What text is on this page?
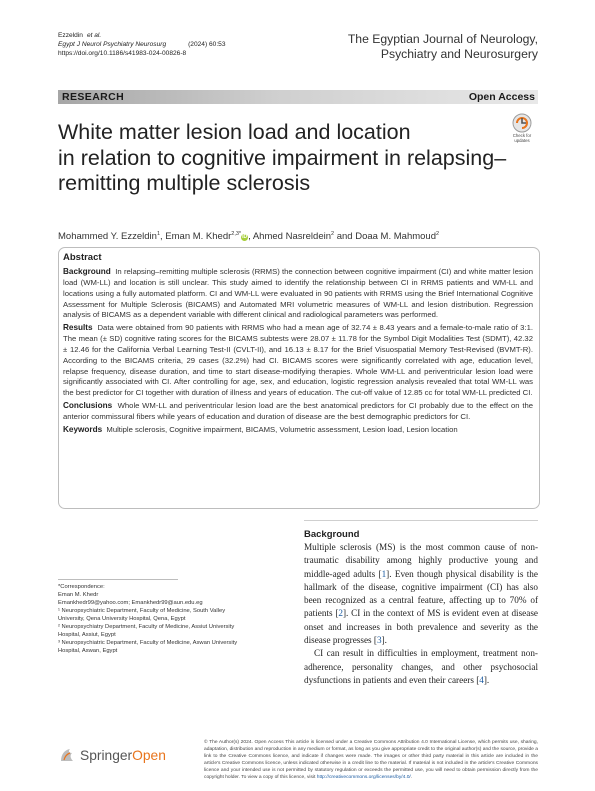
Ezzeldin et al.
Egypt J Neurol Psychiatry Neurosurg	(2024) 60:53
https://doi.org/10.1186/s41983-024-00826-8
The Egyptian Journal of Neurology,
Psychiatry and Neurosurgery
RESEARCH	Open Access
White matter lesion load and location
in relation to cognitive impairment in relapsing–
remitting multiple sclerosis
Check for updates
Mohammed Y. Ezzeldin$^1$, Eman M. Khedr$^{2,3*}$iD, Ahmed Nasreldein$^2$ and Doaa M. Mahmoud$^2$
Abstract
Background In relapsing–remitting multiple sclerosis (RRMS) the connection between cognitive impairment (CI) and white matter lesion load (WM-LL) and location is still unclear. This study aimed to identify the relationship between CI in RRMS patients and WM-LL and locations using a fully automated platform. CI and WM-LL were evaluated in 90 patients with RRMS using the Brief International Cognitive Assessment for Multiple Sclerosis (BICAMS) and Automated MRI volumetric measures of WM-LL and lesion distribution. Regression analysis of BICAMS as a dependent variable with different clinical and radiological parameters was performed.
Results Data were obtained from 90 patients with RRMS who had a mean age of 32.74 ± 8.43 years and a female-to-male ratio of 3:1. The mean (± SD) cognitive rating scores for the BICAMS subtests were 28.07 ± 11.78 for the Symbol Digit Modalities Test (SDMT), 42.32 ± 12.46 for the California Verbal Learning Test-II (CVLT-II), and 16.13 ± 8.17 for the Brief Visuospatial Memory Test-Revised (BVMT-R). According to the BICAMS criteria, 29 cases (32.2%) had CI. BICAMS scores were significantly correlated with age, education level, relapse frequency, disease duration, and time to start disease-modifying therapies. Whole WM-LL and periventricular lesion load were significantly associated with CI. After controlling for age, sex, and education, logistic regression analysis revealed that total WM-LL was the best predictor for CI together with duration of illness and years of education. The cut-off value of 12.85 cc for total WM-LL predicted CI.
Conclusions Whole WM-LL and periventricular lesion load are the best anatomical predictors for CI probably due to the effect on the anterior commissural fibers while years of education and duration of disease are the best demographic predictors for CI.
Keywords Multiple sclerosis, Cognitive impairment, BICAMS, Volumetric assessment, Lesion load, Lesion location
Background

Multiple sclerosis (MS) is the most common cause of non-traumatic disability among highly productive young and middle-aged adults [1]. Even though physical disability is the hallmark of the disease, cognitive impairment (CI) has also been recognized as a central feature, affecting up to 70% of patients [2]. CI in the context of MS is evident even at disease onset and increases in both prevalence and severity as the disease progresses [3].

CI can result in difficulties in employment, treatment non-adherence, personality changes, and other psychosocial dysfunctions in patients and even their careers [4].

*Correspondence:
Eman M. Khedr
Emankhedr99@yahoo.com; Emankhedr99@aun.edu.eg
¹ Neuropsychiatric Department, Faculty of Medicine, South Valley University, Qena University Hospital, Qena, Egypt
² Neuropsychiatry Department, Faculty of Medicine, Assiut University Hospital, Assiut, Egypt
³ Neuropsychiatric Department, Faculty of Medicine, Aswan University Hospital, Aswan, Egypt
SpringerOpen
© The Author(s) 2024. Open Access This article is licensed under a Creative Commons Attribution 4.0 International License, which permits use, sharing, adaptation, distribution and reproduction in any medium or format, as long as you give appropriate credit to the original author(s) and the source, provide a link to the Creative Commons licence, and indicate if changes were made. The images or other third party material in this article are included in the article's Creative Commons licence, unless indicated otherwise in a credit line to the material. If material is not included in the article's Creative Commons licence and your intended use is not permitted by statutory regulation or exceeds the permitted use, you will need to obtain permission directly from the copyright holder. To view a copy of this licence, visit http://creativecommons.org/licenses/by/4.0/.
